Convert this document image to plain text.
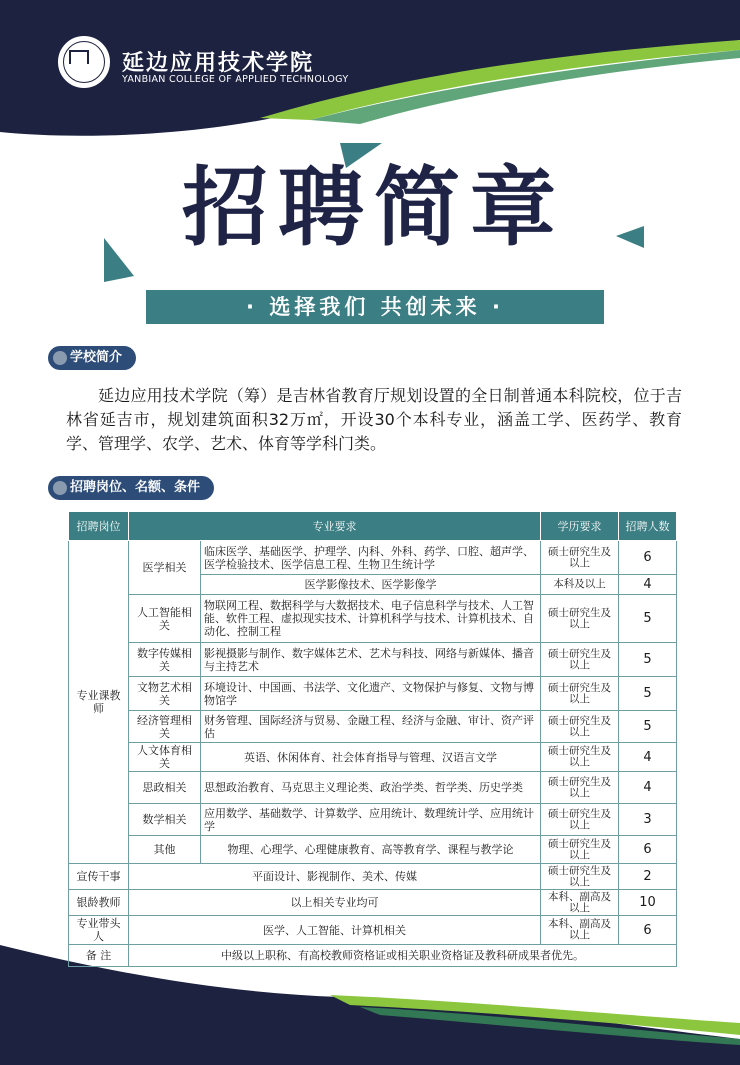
延边应用技术学院
YANBIAN COLLEGE OF APPLIED TECHNOLOGY
招聘简章
· 选择我们 共创未来 ·
学校简介
延边应用技术学院（筹）是吉林省教育厅规划设置的全日制普通本科院校，位于吉林省延吉市，规划建筑面积32万㎡，开设30个本科专业，涵盖工学、医药学、教育学、管理学、农学、艺术、体育等学科门类。
招聘岗位、名额、条件
招聘岗位	专业要求		学历要求	招聘人数
专业课教师	医学相关	临床医学、基础医学、护理学、内科、外科、药学、口腔、超声学、医学检验技术、医学信息工程、生物卫生统计学	硕士研究生及以上	6
		医学影像技术、医学影像学	本科及以上	4
	人工智能相关	物联网工程、数据科学与大数据技术、电子信息科学与技术、人工智能、软件工程、虚拟现实技术、计算机科学与技术、计算机技术、自动化、控制工程	硕士研究生及以上	5
	数字传媒相关	影视摄影与制作、数字媒体艺术、艺术与科技、网络与新媒体、播音与主持艺术	硕士研究生及以上	5
	文物艺术相关	环境设计、中国画、书法学、文化遗产、文物保护与修复、文物与博物馆学	硕士研究生及以上	5
	经济管理相关	财务管理、国际经济与贸易、金融工程、经济与金融、审计、资产评估	硕士研究生及以上	5
	人文体育相关	英语、休闲体育、社会体育指导与管理、汉语言文学	硕士研究生及以上	4
	思政相关	思想政治教育、马克思主义理论类、政治学类、哲学类、历史学类	硕士研究生及以上	4
	数学相关	应用数学、基础数学、计算数学、应用统计、数理统计学、应用统计学	硕士研究生及以上	3
	其他	物理、心理学、心理健康教育、高等教育学、课程与教学论	硕士研究生及以上	6

宣传干事	平面设计、影视制作、美术、传媒		硕士研究生及以上	2
银龄教师	以上相关专业均可		本科、副高及以上	10
专业带头人	医学、人工智能、计算机相关		本科、副高及以上	6
备 注	中级以上职称、有高校教师资格证或相关职业资格证及教科研成果者优先。			
